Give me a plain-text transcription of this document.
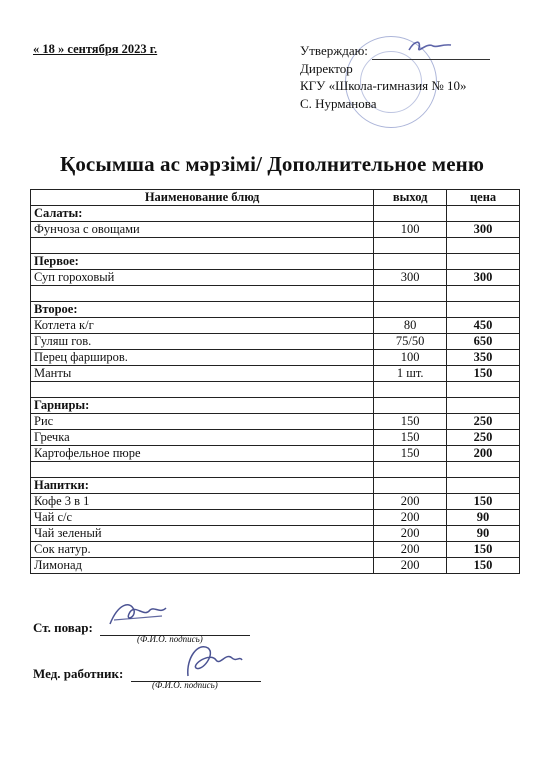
« 18 » сентября 2023 г.	Утверждаю:
Директор
КГУ «Школа-гимназия № 10»
С. Нурманова
Қосымша ас мәрзімі/ Дополнительное меню
Наименование блюд	выход	цена
Салаты:		
Фунчоза с овощами	100	300

Первое:		
Суп гороховый	300	300

Второе:		
Котлета к/г	80	450
Гуляш гов.	75/50	650
Перец фарширов.	100	350
Манты	1 шт.	150

Гарниры:		
Рис	150	250
Гречка	150	250
Картофельное пюре	150	200

Напитки:		
Кофе 3 в 1	200	150
Чай с/с	200	90
Чай зеленый	200	90
Сок натур.	200	150
Лимонад	200	150
Ст. повар:
(Ф.И.О. подпись)
Мед. работник:
(Ф.И.О. подпись)
